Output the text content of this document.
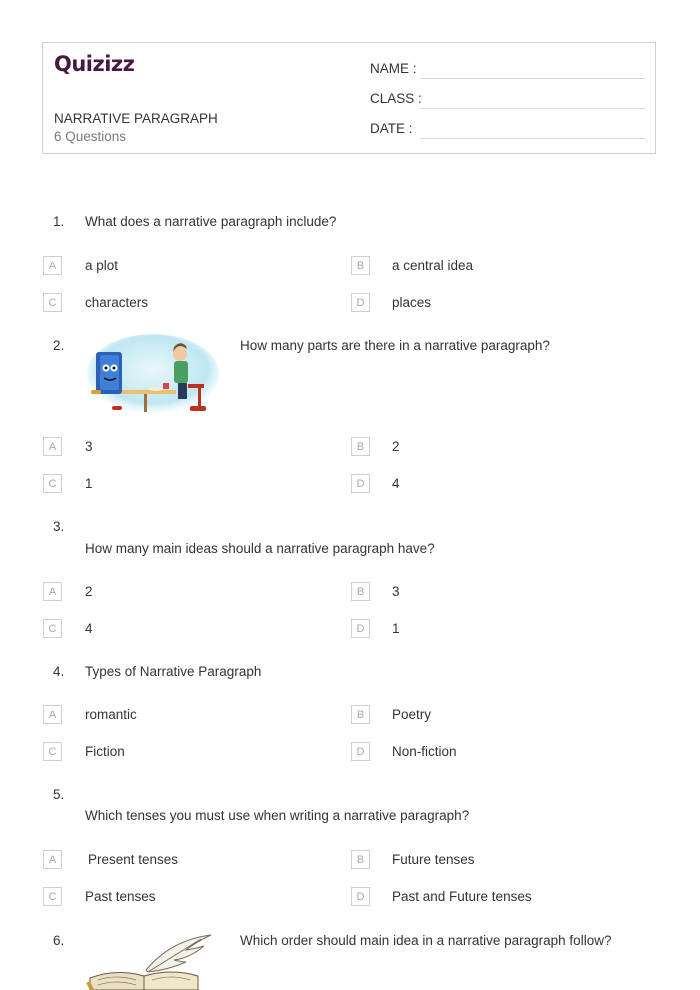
Quizizz
NARRATIVE PARAGRAPH
6 Questions
NAME :
CLASS :
DATE :
1. What does a narrative paragraph include?
A	a plot	B	a central idea
C	characters	D	places
2.	How many parts are there in a narrative paragraph?
A	3	B	2
C	1	D	4
3.
How many main ideas should a narrative paragraph have?
A	2	B	3
C	4	D	1
4. Types of Narrative Paragraph
A	romantic	B	Poetry
C	Fiction	D	Non-fiction
5.
Which tenses you must use when writing a narrative paragraph?
A	Present tenses	B	Future tenses
C	Past tenses	D	Past and Future tenses
6.	Which order should main idea in a narrative paragraph follow?
